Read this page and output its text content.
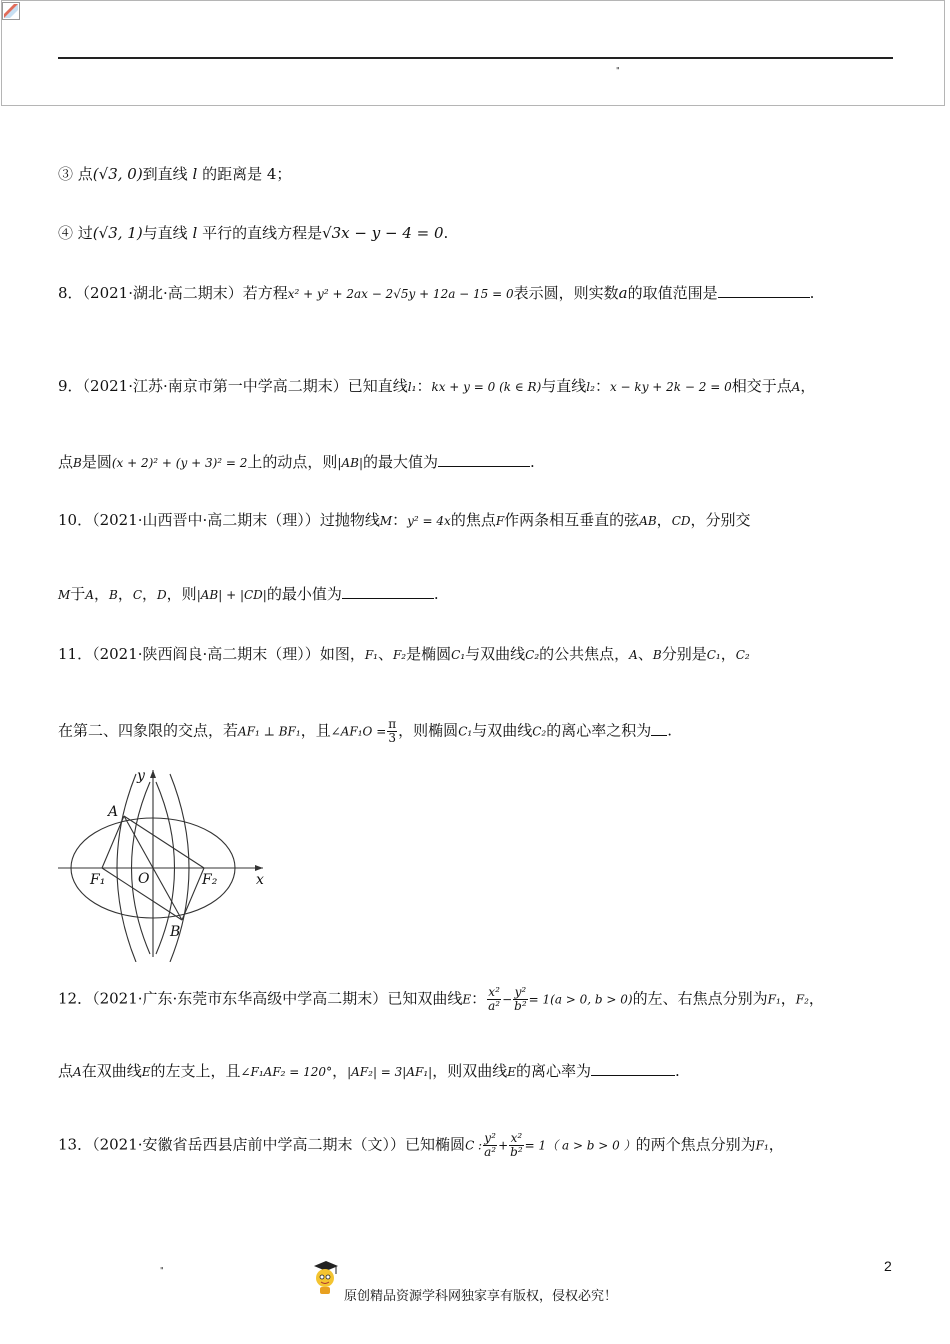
"
③ 点(√3, 0)到直线 l 的距离是 4；
④ 过(√3, 1)与直线 l 平行的直线方程是√3x − y − 4 = 0.
8．（2021·湖北·高二期末）若方程x² + y² + 2ax − 2√5y + 12a − 15 = 0表示圆，则实数a的取值范围是	.
9．（2021·江苏·南京市第一中学高二期末）已知直线l₁：kx + y = 0 (k ∈ R)与直线l₂：x − ky + 2k − 2 = 0相交于点A，
点B是圆(x + 2)² + (y + 3)² = 2上的动点，则|AB|的最大值为	.
10．（2021·山西晋中·高二期末（理））过抛物线M：y² = 4x的焦点F作两条相互垂直的弦AB，CD，分别交
M于A，B，C，D，则|AB| + |CD|的最小值为	.
11．（2021·陕西阎良·高二期末（理））如图，F₁、F₂是椭圆C₁与双曲线C₂的公共焦点，A、B分别是C₁，C₂
在第二、四象限的交点，若AF₁ ⊥ BF₁，且∠AF₁O = $\frac{\pi}{3}$ ，则椭圆C₁与双曲线C₂的离心率之积为 .
y
x
A
O
F₁	F₂
B
12．（2021·广东·东莞市东华高级中学高二期末）已知双曲线E： $\frac{\text{x²}}{\text{a²}} - \frac{\text{y²}}{\text{b²}} = 1(a > 0$, b > 0)的左、右焦点分别为F₁，F₂，
点A在双曲线E的左支上，且∠F₁AF₂ = 120°，|AF₂| = 3|AF₁|，则双曲线E的离心率为	.
13．（2021·安徽省岳西县店前中学高二期末（文））已知椭圆C : $\frac{\text{y²}}{\text{a²}} + \frac{\text{x²}}{\text{b²}} = 1$（ a > b > 0 ）的两个焦点分别为F₁，
"	2
原创精品资源学科网独家享有版权，侵权必究！
